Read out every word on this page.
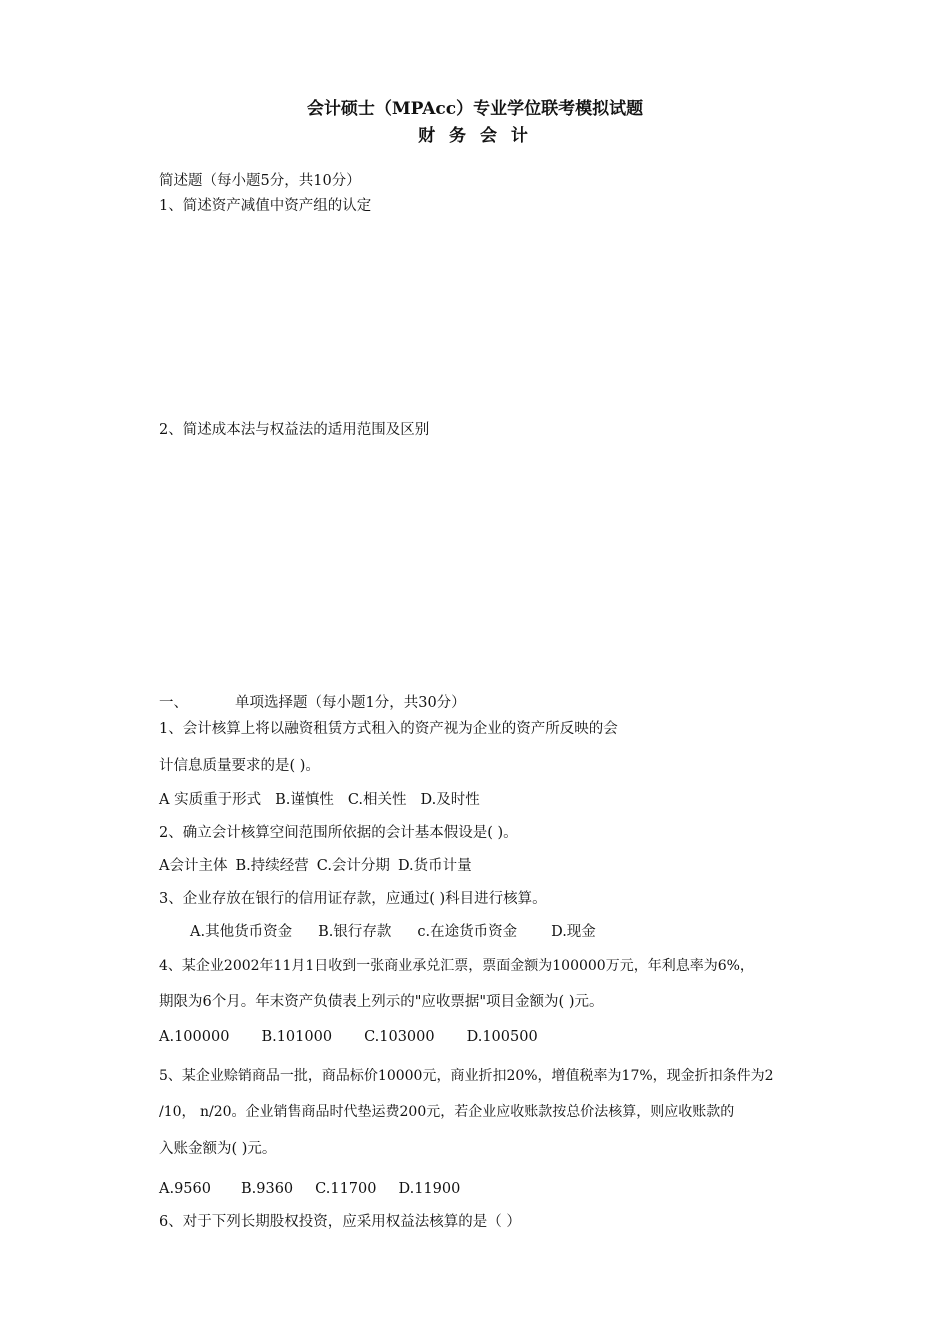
会计硕士（MPAcc）专业学位联考模拟试题
财 务 会 计
简述题（每小题5分，共10分）
1、简述资产减值中资产组的认定
2、简述成本法与权益法的适用范围及区别
一、	单项选择题（每小题1分，共30分）
1、会计核算上将以融资租赁方式租入的资产视为企业的资产所反映的会
计信息质量要求的是( )。
A 实质重于形式 B.谨慎性 C.相关性 D.及时性
2、确立会计核算空间范围所依据的会计基本假设是( )。
A会计主体 B.持续经营 C.会计分期 D.货币计量
3、企业存放在银行的信用证存款，应通过( )科目进行核算。
A.其他货币资金 B.银行存款 c.在途货币资金 D.现金
4、某企业2002年11月1日收到一张商业承兑汇票，票面金额为100000万元，年利息率为6%，
期限为6个月。年末资产负债表上列示的"应收票据"项目金额为( )元。
A.100000 B.101000 C.103000 D.100500
5、某企业赊销商品一批，商品标价10000元，商业折扣20%，增值税率为17%，现金折扣条件为2
/10， n/20。企业销售商品时代垫运费200元，若企业应收账款按总价法核算，则应收账款的
入账金额为( )元。
A.9560 B.9360 C.11700 D.11900
6、对于下列长期股权投资，应采用权益法核算的是（ ）
